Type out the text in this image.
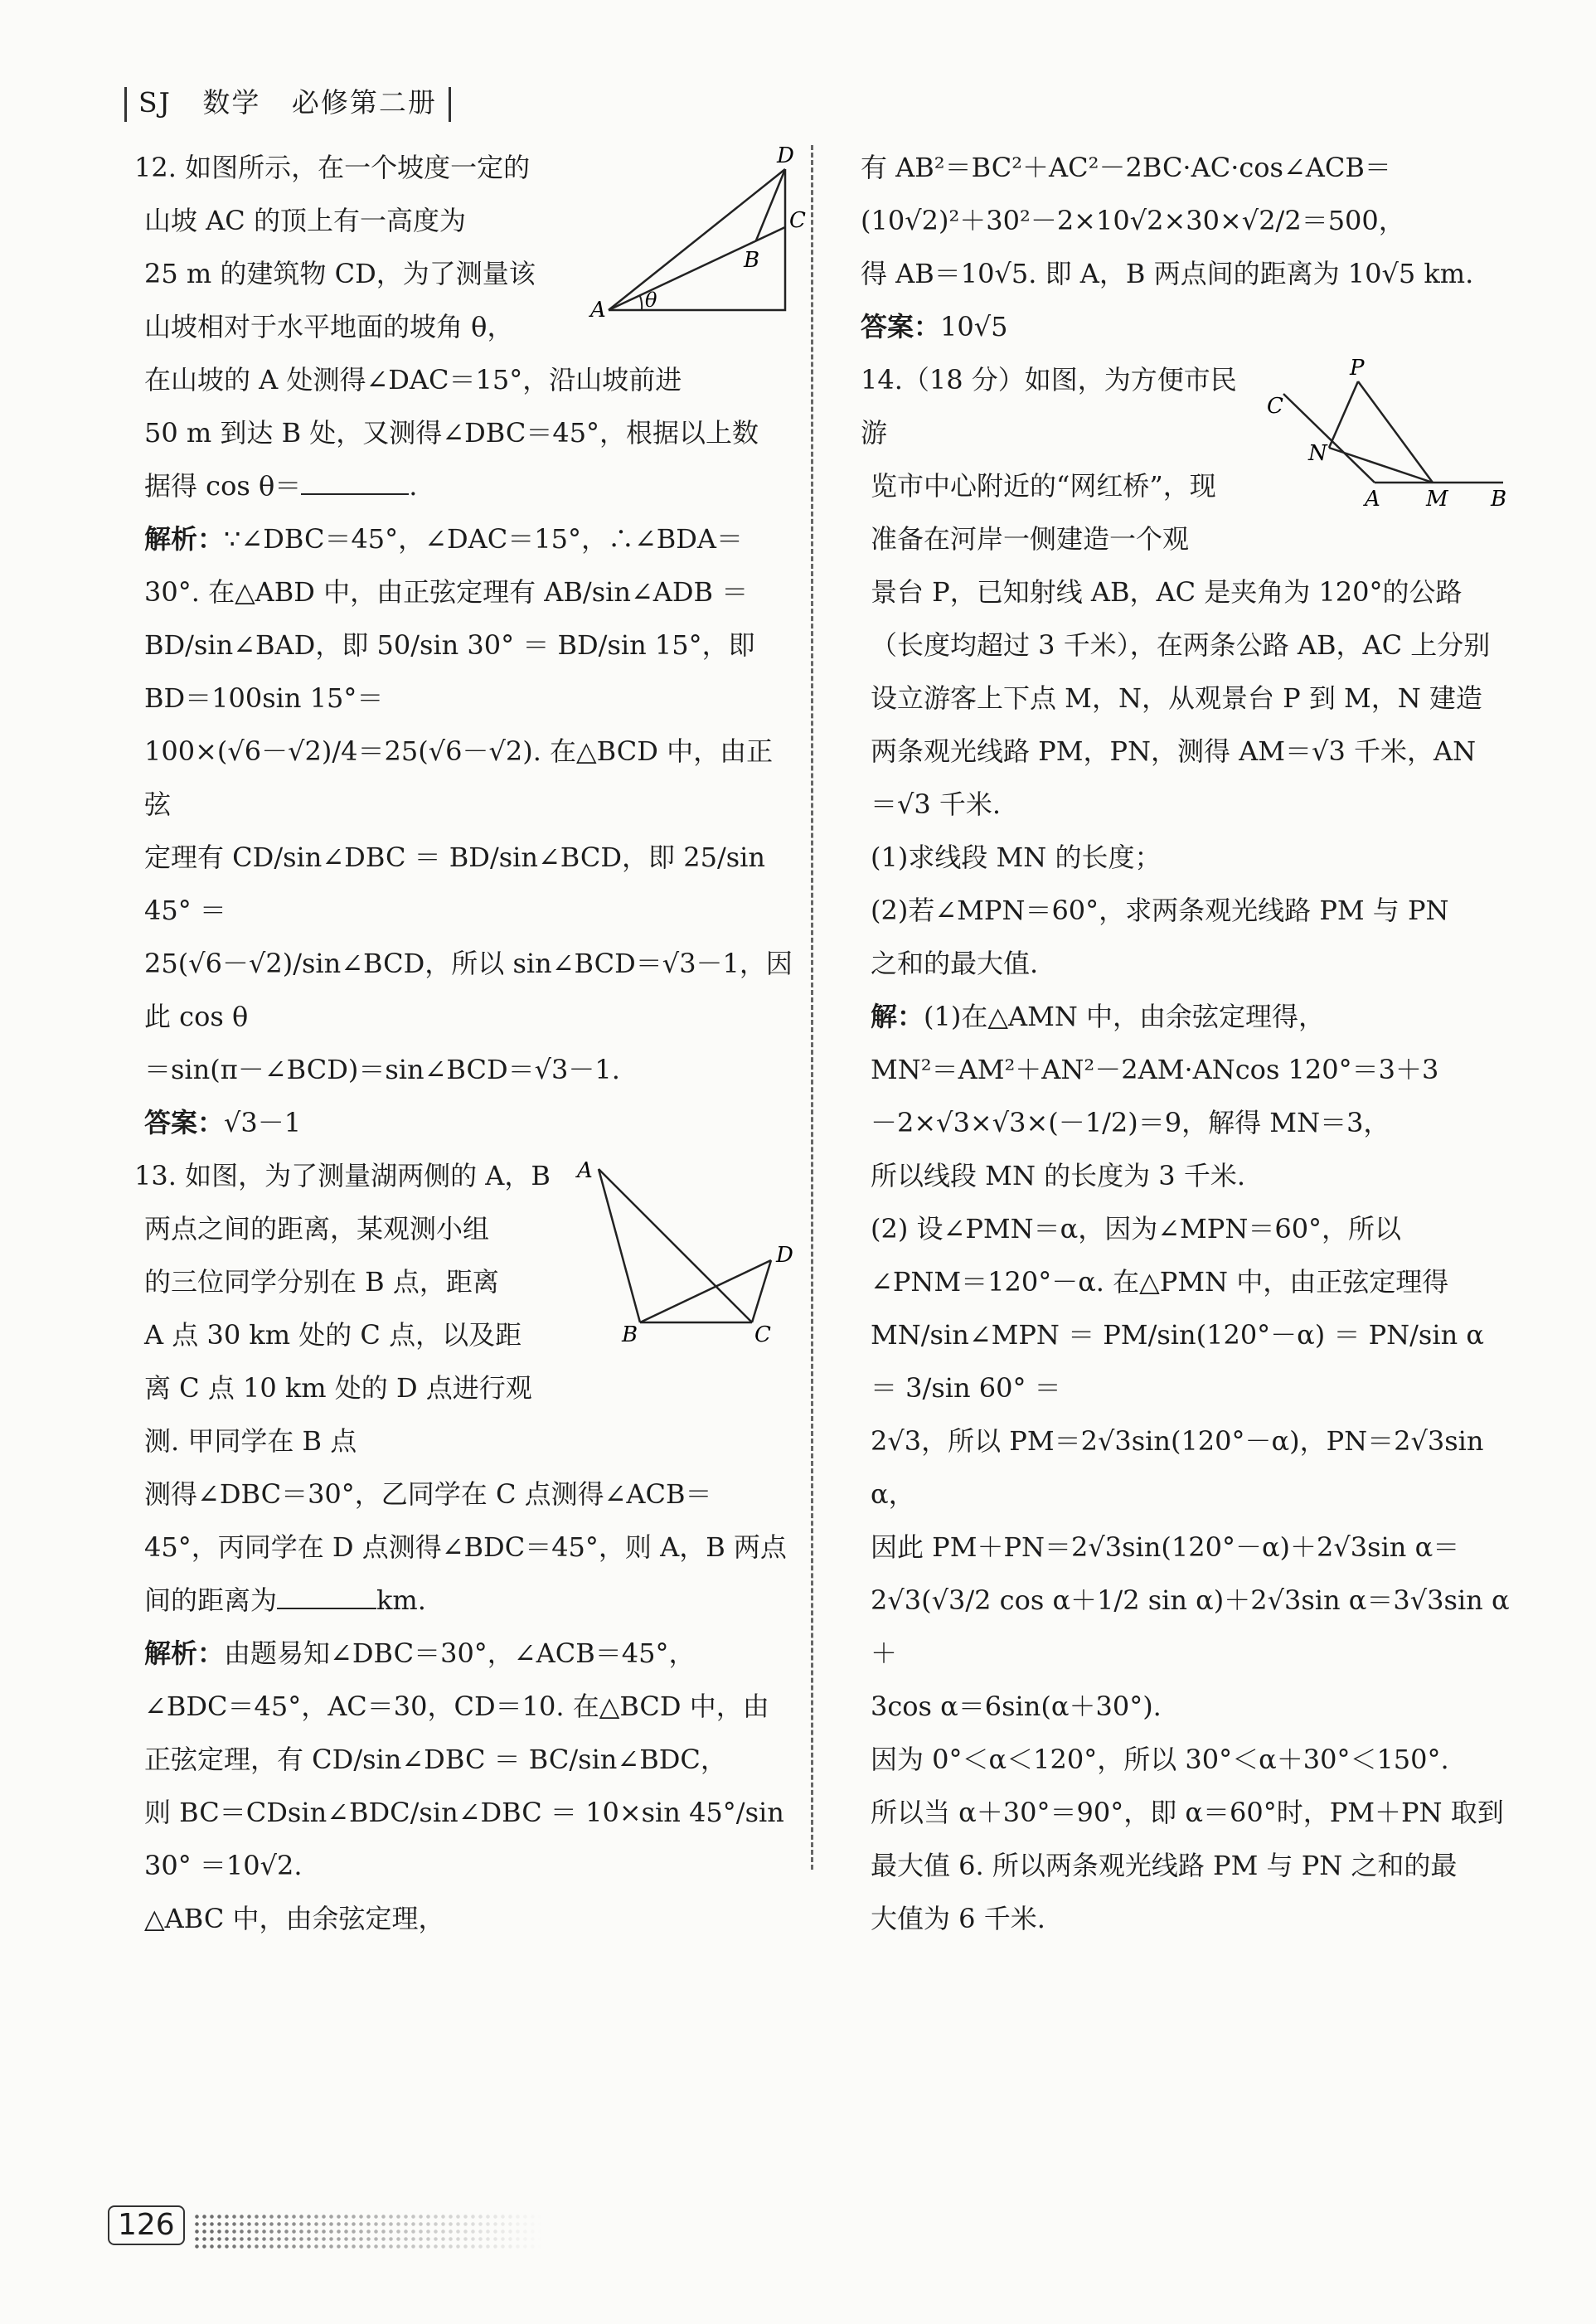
SJ 数学 必修第二册
A
B
C
D
θ

12. 如图所示，在一个坡度一定的

山坡 AC 的顶上有一高度为

25 m 的建筑物 CD，为了测量该

山坡相对于水平地面的坡角 θ，

在山坡的 A 处测得∠DAC＝15°，沿山坡前进

50 m 到达 B 处，又测得∠DBC＝45°，根据以上数

据得 cos θ＝	.

解析：∵∠DBC＝45°，∠DAC＝15°，∴∠BDA＝

30°. 在△ABD 中，由正弦定理有 AB/sin∠ADB ＝

BD/sin∠BAD，即 50/sin 30° ＝ BD/sin 15°，即 BD＝100sin 15°＝

100×(√6－√2)/4＝25(√6－√2). 在△BCD 中，由正弦

定理有 CD/sin∠DBC ＝ BD/sin∠BCD，即 25/sin 45° ＝

25(√6－√2)/sin∠BCD，所以 sin∠BCD＝√3－1，因此 cos θ

＝sin(π－∠BCD)＝sin∠BCD＝√3－1.

答案：√3－1

A
B	C
D

13. 如图，为了测量湖两侧的 A，B

两点之间的距离，某观测小组

的三位同学分别在 B 点，距离

A 点 30 km 处的 C 点，以及距

离 C 点 10 km 处的 D 点进行观测. 甲同学在 B 点

测得∠DBC＝30°，乙同学在 C 点测得∠ACB＝

45°，丙同学在 D 点测得∠BDC＝45°，则 A，B 两点

间的距离为	km.

解析：由题易知∠DBC＝30°，∠ACB＝45°，

∠BDC＝45°，AC＝30，CD＝10. 在△BCD 中，由

正弦定理，有 CD/sin∠DBC ＝ BC/sin∠BDC，

则 BC＝CDsin∠BDC/sin∠DBC ＝ 10×sin 45°/sin 30° ＝10√2.

△ABC 中，由余弦定理，

有 AB²＝BC²＋AC²－2BC·AC·cos∠ACB＝

(10√2)²＋30²－2×10√2×30×√2/2＝500，

得 AB＝10√5. 即 A，B 两点间的距离为 10√5 km.

答案：10√5

P
C
N
A M B

14.（18 分）如图，为方便市民游

览市中心附近的“网红桥”，现

准备在河岸一侧建造一个观

景台 P，已知射线 AB，AC 是夹角为 120°的公路

（长度均超过 3 千米），在两条公路 AB，AC 上分别

设立游客上下点 M，N，从观景台 P 到 M，N 建造

两条观光线路 PM，PN，测得 AM＝√3 千米，AN

＝√3 千米.

(1)求线段 MN 的长度；

(2)若∠MPN＝60°，求两条观光线路 PM 与 PN

之和的最大值.

解：(1)在△AMN 中，由余弦定理得，

MN²＝AM²＋AN²－2AM·ANcos 120°＝3＋3

－2×√3×√3×(－1/2)＝9，解得 MN＝3，

所以线段 MN 的长度为 3 千米.

(2) 设∠PMN＝α，因为∠MPN＝60°，所以

∠PNM＝120°－α. 在△PMN 中，由正弦定理得

MN/sin∠MPN ＝ PM/sin(120°－α) ＝ PN/sin α ＝ 3/sin 60° ＝

2√3，所以 PM＝2√3sin(120°－α)，PN＝2√3sin α，

因此 PM＋PN＝2√3sin(120°－α)＋2√3sin α＝

2√3(√3/2 cos α＋1/2 sin α)＋2√3sin α＝3√3sin α＋

3cos α＝6sin(α＋30°).

因为 0°＜α＜120°，所以 30°＜α＋30°＜150°.

所以当 α＋30°＝90°，即 α＝60°时，PM＋PN 取到

最大值 6. 所以两条观光线路 PM 与 PN 之和的最

大值为 6 千米.

126
